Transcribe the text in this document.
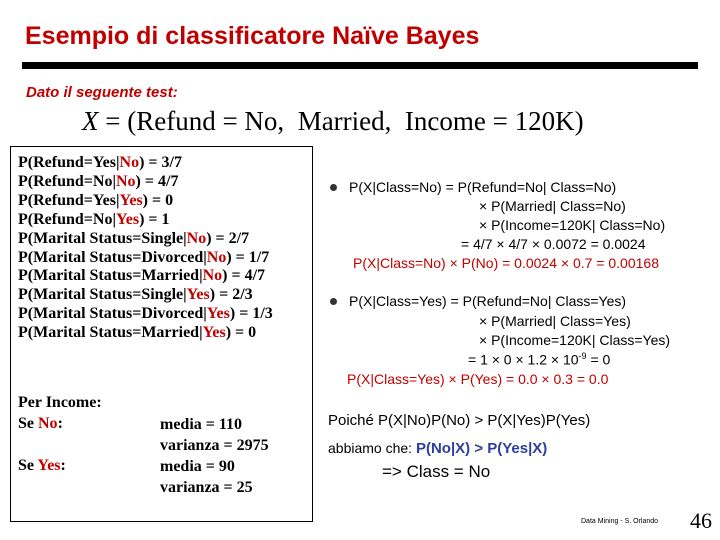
Esempio di classificatore Naïve Bayes
Dato il seguente test:
X = (Refund = No, Married, Income = 120K)
P(Refund=Yes|No) = 3/7
P(Refund=No|No) = 4/7
P(Refund=Yes|Yes) = 0
P(Refund=No|Yes) = 1
P(Marital Status=Single|No) = 2/7
P(Marital Status=Divorced|No) = 1/7
P(Marital Status=Married|No) = 4/7
P(Marital Status=Single|Yes) = 2/3
P(Marital Status=Divorced|Yes) = 1/3
P(Marital Status=Married|Yes) = 0
Per Income:
Se No:

Se Yes:
media = 110
varianza = 2975
media = 90
varianza = 25
P(X|Class=No) = P(Refund=No| Class=No)
× P(Married| Class=No)
× P(Income=120K| Class=No)
= 4/7 × 4/7 × 0.0072 = 0.0024
P(X|Class=No) × P(No) = 0.0024 × 0.7 = 0.00168
P(X|Class=Yes) = P(Refund=No| Class=Yes)
× P(Married| Class=Yes)
× P(Income=120K| Class=Yes)
= $1 \times 0 \times 1.2 \times 10^{-9} = 0$
P(X|Class=Yes) × P(Yes) = 0.0 × 0.3 = 0.0
Poiché P(X|No)P(No) > P(X|Yes)P(Yes)
abbiamo che: P(No|X) > P(Yes|X)
=> Class = No
Data Mining - S. Orlando 46
